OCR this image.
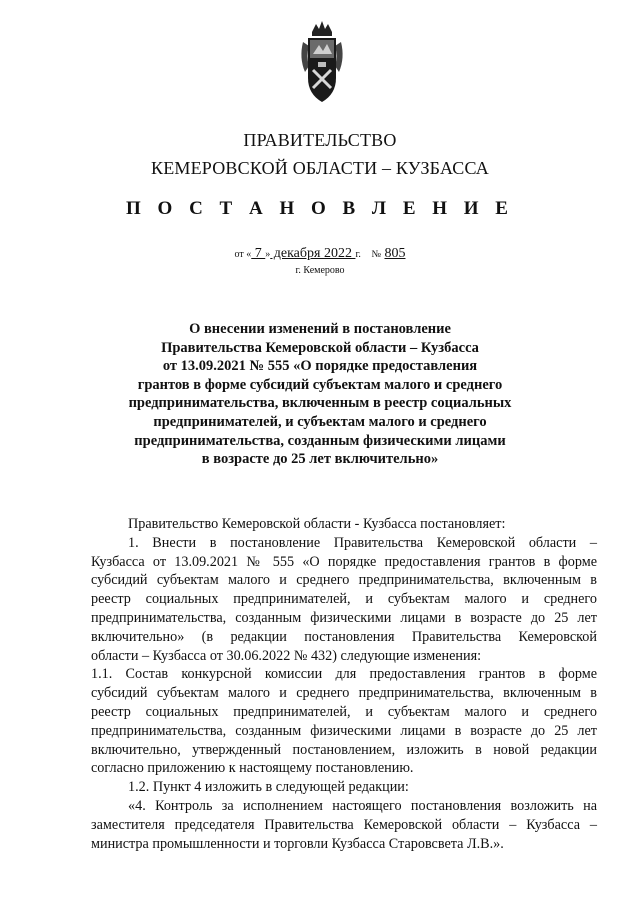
ПРАВИТЕЛЬСТВО
КЕМЕРОВСКОЙ ОБЛАСТИ – КУЗБАССА
П О С Т А Н О В Л Е Н И Е
от « 7 » декабря 2022 г. № 805
г. Кемерово
О внесении изменений в постановление
Правительства Кемеровской области – Кузбасса
от 13.09.2021 № 555 «О порядке предоставления
грантов в форме субсидий субъектам малого и среднего
предпринимательства, включенным в реестр социальных
предпринимателей, и субъектам малого и среднего
предпринимательства, созданным физическими лицами
в возрасте до 25 лет включительно»
Правительство Кемеровской области - Кузбасса постановляет:
1. Внести в постановление Правительства Кемеровской области –
Кузбасса от 13.09.2021 № 555 «О порядке предоставления грантов в форме
субсидий субъектам малого и среднего предпринимательства, включенным в
реестр социальных предпринимателей, и субъектам малого и среднего
предпринимательства, созданным физическими лицами в возрасте до 25 лет
включительно» (в редакции постановления Правительства Кемеровской
области – Кузбасса от 30.06.2022 № 432) следующие изменения:
1.1. Состав конкурсной комиссии для предоставления грантов в форме
субсидий субъектам малого и среднего предпринимательства, включенным в
реестр социальных предпринимателей, и субъектам малого и среднего
предпринимательства, созданным физическими лицами в возрасте до 25 лет
включительно, утвержденный постановлением, изложить в новой редакции
согласно приложению к настоящему постановлению.
1.2. Пункт 4 изложить в следующей редакции:
«4. Контроль за исполнением настоящего постановления возложить на
заместителя председателя Правительства Кемеровской области – Кузбасса –
министра промышленности и торговли Кузбасса Старовсвета Л.В.».
